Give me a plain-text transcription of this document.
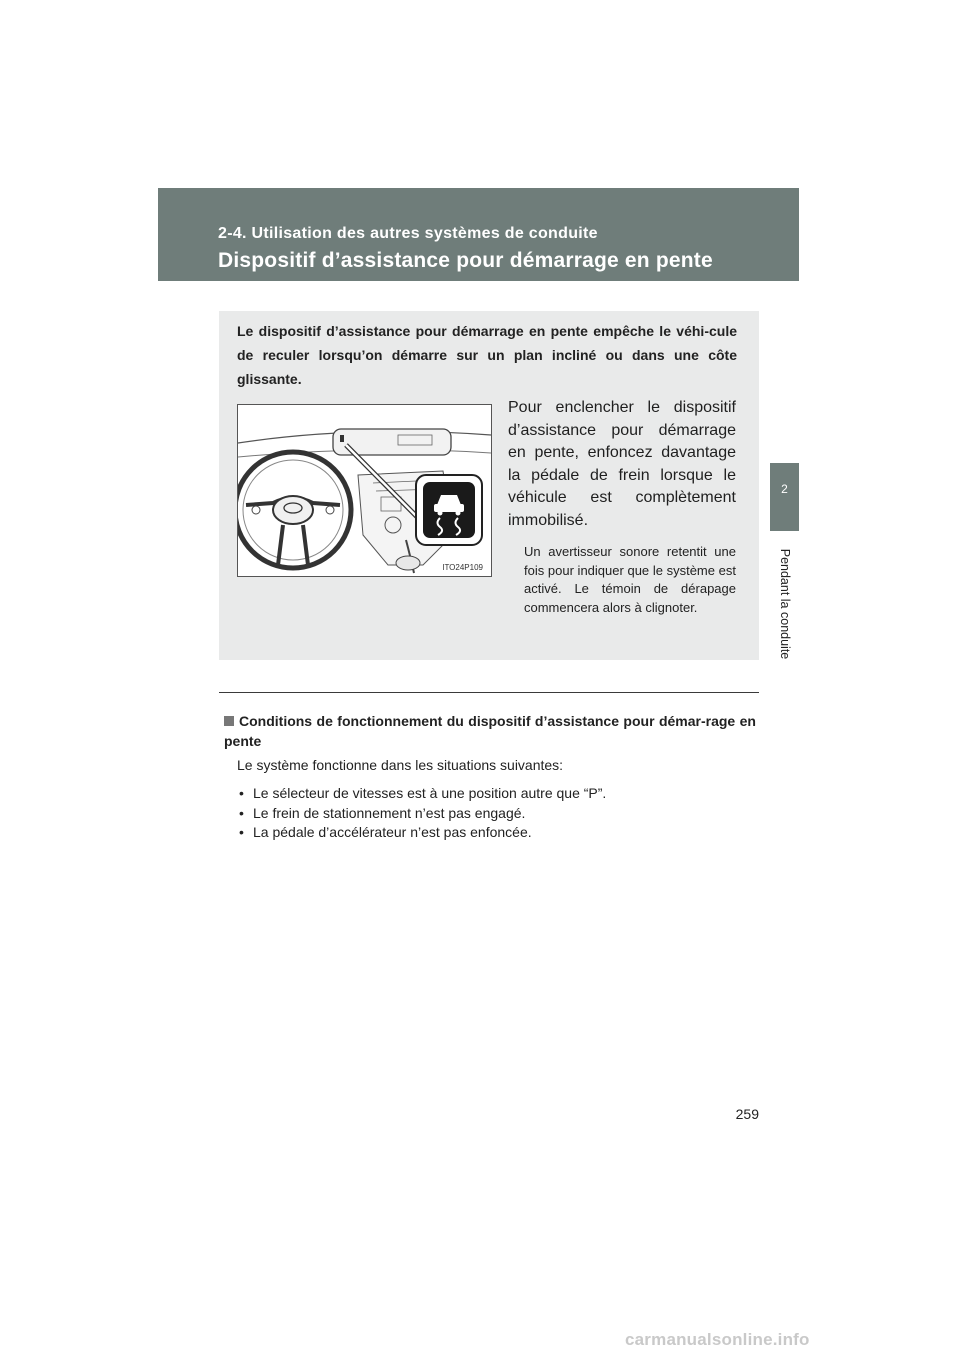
2-4. Utilisation des autres systèmes de conduite
Dispositif d’assistance pour démarrage en pente
2
Pendant la conduite
Le dispositif d’assistance pour démarrage en pente empêche le véhi-cule de reculer lorsqu’on démarre sur un plan incliné ou dans une côte glissante.
ITO24P109
Pour enclencher le dispositif d’assistance pour démarrage en pente, enfoncez davantage la pédale de frein lorsque le véhicule est complètement immobilisé.
Un avertisseur sonore retentit une fois pour indiquer que le système est activé. Le témoin de dérapage commencera alors à clignoter.
Conditions de fonctionnement du dispositif d’assistance pour démar-rage en pente
Le système fonctionne dans les situations suivantes:
• Le sélecteur de vitesses est à une position autre que “P”.
• Le frein de stationnement n’est pas engagé.
• La pédale d’accélérateur n’est pas enfoncée.
259
carmanualsonline.info
